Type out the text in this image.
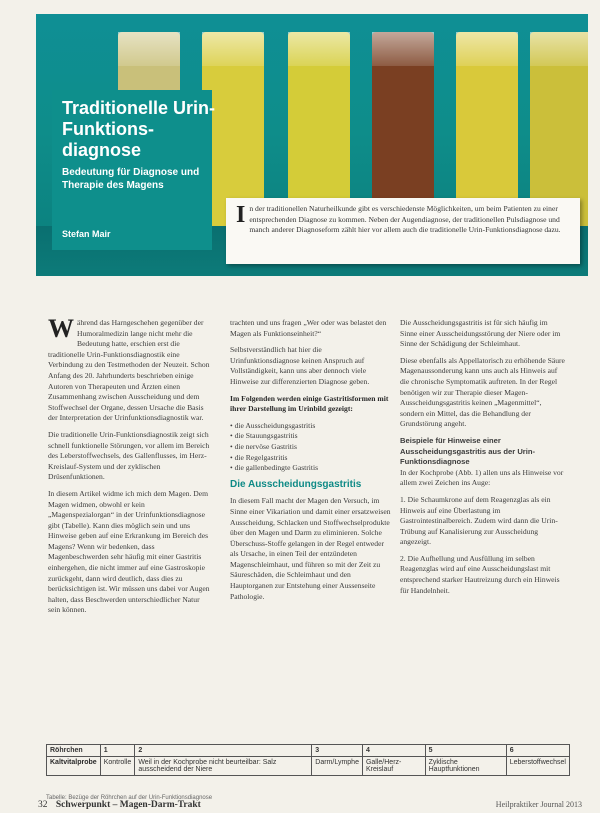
Traditionelle Urin-Funktions-diagnose
Bedeutung für Diagnose und Therapie des Magens
Stefan Mair
I n der traditionellen Naturheilkunde gibt es verschiedenste Möglichkeiten, um beim Patienten zu einer entsprechenden Diagnose zu kommen. Neben der Augendiagnose, der traditionellen Pulsdiagnose und manch anderer Diagnoseform zählt hier vor allem auch die traditionelle Urin-Funktionsdiagnose dazu.

Während das Harngeschehen gegenüber der Humoralmedizin lange nicht mehr die Bedeutung hatte, erschien erst die traditionelle Urin-Funktionsdiagnostik eine Verbindung zu den Testmethoden der Neuzeit. Schon Anfang des 20. Jahrhunderts beschrieben einige Autoren von Therapeuten und Ärzten einen Zusammenhang zwischen Ausscheidung und dem Stoffwechsel der Organe, dessen Ursache die Basis der Interpretation der Urinfunktionsdiagnostik war.

Die traditionelle Urin-Funktionsdiagnostik zeigt sich schnell funktionelle Störungen, vor allem im Bereich des Leberstoffwechsels, des Gallenflusses, im Herz-Kreislauf-System und der zyklischen Drüsenfunktionen.

In diesem Artikel widme ich mich dem Magen. Dem Magen widmen, obwohl er kein „Magenspezialorgan“ in der Urinfunktionsdiagnose gibt (Tabelle). Kann dies möglich sein und uns Hinweise geben auf eine Erkrankung im Bereich des Magens? Wenn wir bedenken, dass Magenbeschwerden sehr häufig mit einer Gastritis einhergehen, die nicht immer auf eine Gastroskopie zurückgeht, dann wird deutlich, dass dies zu berücksichtigen ist. Wir müssen uns dabei vor Augen halten, dass Beschwerden unterschiedlicher Natur sein können.

trachten und uns fragen „Wer oder was belastet den Magen als Funktionseinheit?“

Selbstverständlich hat hier die Urinfunktionsdiagnose keinen Anspruch auf Vollständigkeit, kann uns aber dennoch viele Hinweise zur differenzierten Diagnose geben.

Im Folgenden werden einige Gastritisformen mit ihrer Darstellung im Urinbild gezeigt:

• die Ausscheidungsgastritis
• die Stauungsgastritis
• die nervöse Gastritis
• die Regelgastritis
• die gallenbedingte Gastritis
Die Ausscheidungsgastritis

In diesem Fall macht der Magen den Versuch, im Sinne einer Vikariation und damit einer ersatzweisen Ausscheidung, Schlacken und Stoffwechselprodukte über den Magen und Darm zu eliminieren. Solche Überschuss-Stoffe gelangen in der Regel entweder als Ursache, in einen Teil der entzündeten Magenschleimhaut, und führen so mit der Zeit zu Säureschäden, die Schleimhaut und den Hauptorganen zur Entstehung einer Aussenseite Pathologie.

Die Ausscheidungsgastritis ist für sich häufig im Sinne einer Ausscheidungsstörung der Niere oder im Sinne der Schädigung der Schleimhaut.

Diese ebenfalls als Appellatorisch zu erhöhende Säure Magenaussonderung kann uns auch als Hinweis auf die chronische Symptomatik auftreten. In der Regel benötigen wir zur Therapie dieser Magen-Ausscheidungsgastritis keinen „Magenmittel“, sondern ein Mittel, das die Behandlung der Grundstörung angeht.

Beispiele für Hinweise einer Ausscheidungsgastritis aus der Urin-Funktionsdiagnose

In der Kochprobe (Abb. 1) allen uns als Hinweise vor allem zwei Zeichen ins Auge:

1. Die Schaumkrone auf dem Reagenzglas als ein Hinweis auf eine Überlastung im Gastrointestinalbereich. Zudem wird dann die Urin-Trübung auf Kanalisierung zur Ausscheidung angezeigt.

2. Die Aufhellung und Ausfüllung im selben Reagenzglas wird auf eine Ausscheidungslast mit entsprechend starker Hautreizung durch ein Hinweis für Handelnheit.

Röhrchen	1	2	3	4	5	6
Kaltvitalprobe	Kontrolle	Weil in der Kochprobe nicht beurteilbar: Salz ausscheidend der Niere	Darm/Lymphe	Galle/Herz-Kreislauf	Zyklische Hauptfunktionen	Leberstoffwechsel
Tabelle: Bezüge der Röhrchen auf der Urin-Funktionsdiagnose
32 Schwerpunkt – Magen-Darm-Trakt	Heilpraktiker Journal 2013
